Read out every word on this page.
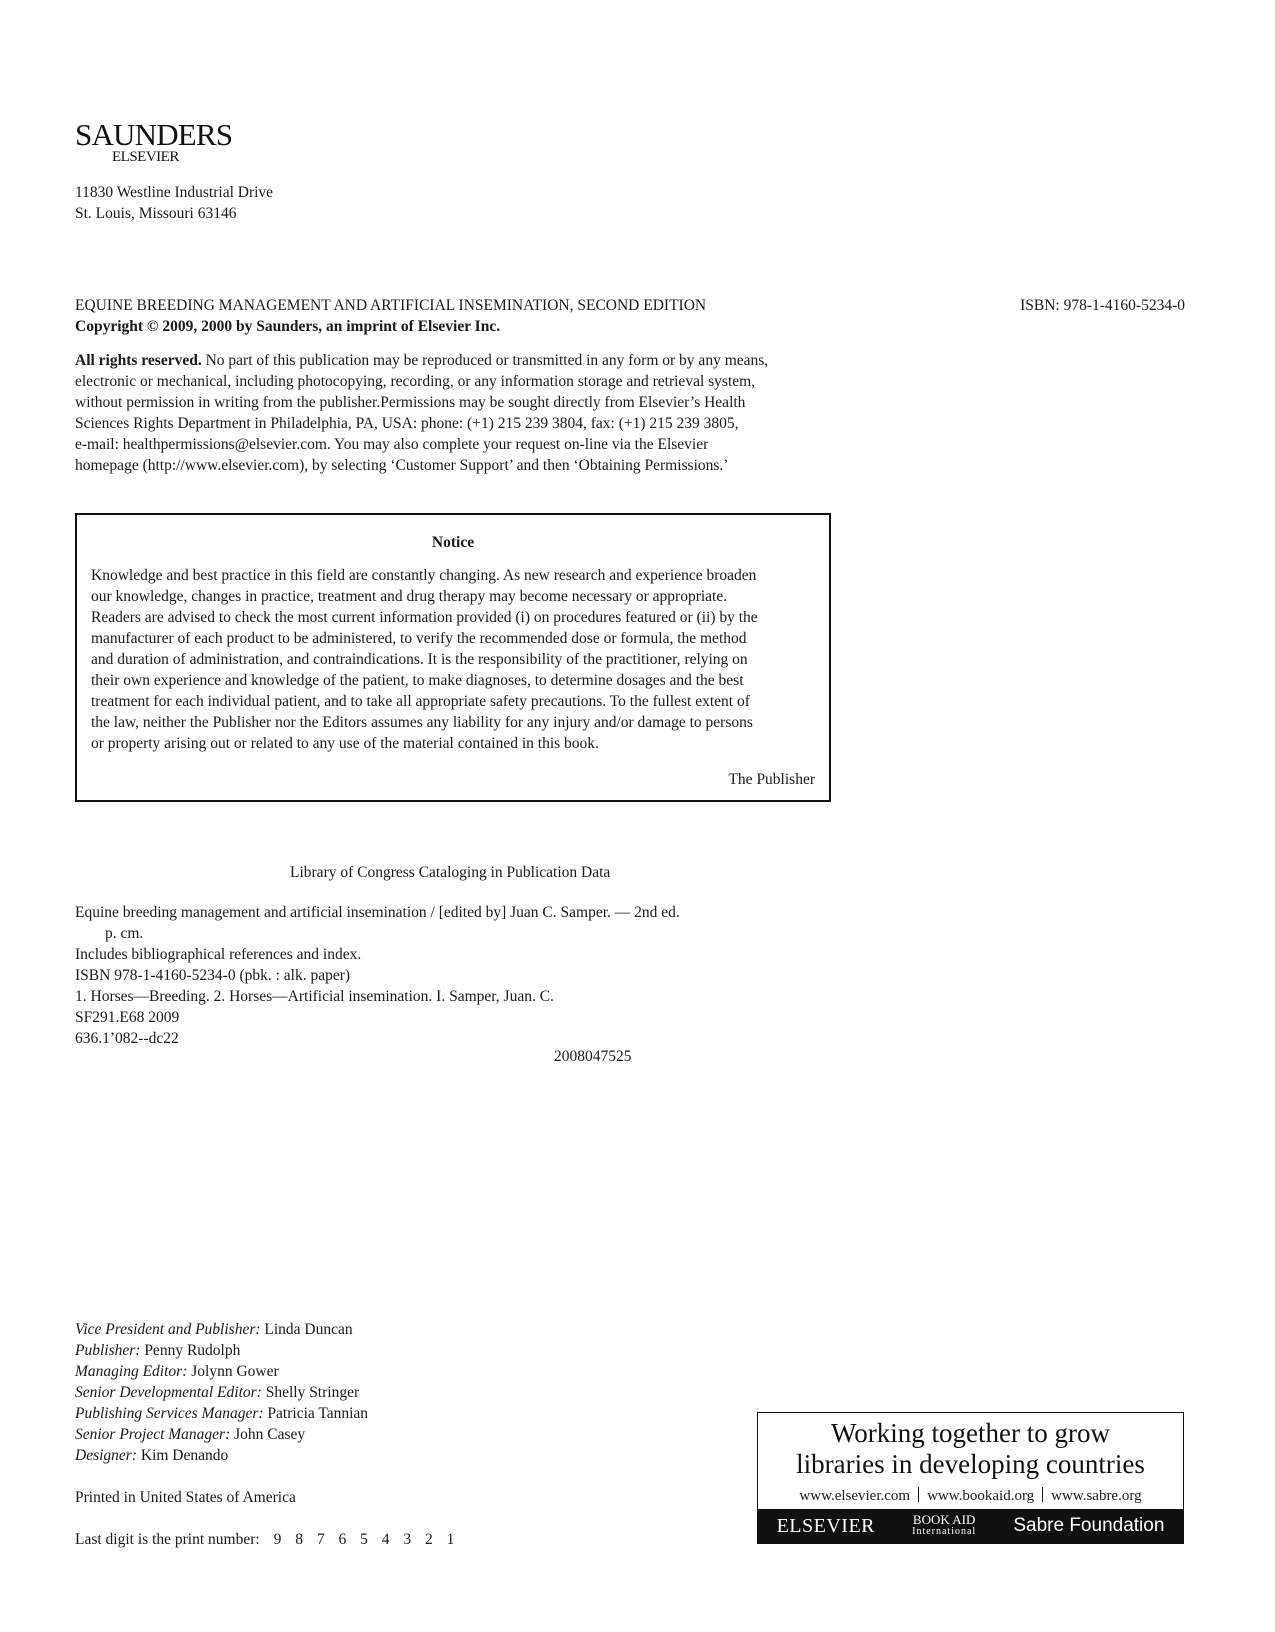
SAUNDERS
ELSEVIER
11830 Westline Industrial Drive
St. Louis, Missouri 63146
EQUINE BREEDING MANAGEMENT AND ARTIFICIAL INSEMINATION, SECOND EDITION	ISBN: 978-1-4160-5234-0
Copyright © 2009, 2000 by Saunders, an imprint of Elsevier Inc.
All rights reserved. No part of this publication may be reproduced or transmitted in any form or by any means,
electronic or mechanical, including photocopying, recording, or any information storage and retrieval system,
without permission in writing from the publisher.Permissions may be sought directly from Elsevier’s Health
Sciences Rights Department in Philadelphia, PA, USA: phone: (+1) 215 239 3804, fax: (+1) 215 239 3805,
e-mail: healthpermissions@elsevier.com. You may also complete your request on-line via the Elsevier
homepage (http://www.elsevier.com), by selecting ‘Customer Support’ and then ‘Obtaining Permissions.’
Notice
Knowledge and best practice in this field are constantly changing. As new research and experience broaden
our knowledge, changes in practice, treatment and drug therapy may become necessary or appropriate.
Readers are advised to check the most current information provided (i) on procedures featured or (ii) by the
manufacturer of each product to be administered, to verify the recommended dose or formula, the method
and duration of administration, and contraindications. It is the responsibility of the practitioner, relying on
their own experience and knowledge of the patient, to make diagnoses, to determine dosages and the best
treatment for each individual patient, and to take all appropriate safety precautions. To the fullest extent of
the law, neither the Publisher nor the Editors assumes any liability for any injury and/or damage to persons
or property arising out or related to any use of the material contained in this book.
The Publisher
Library of Congress Cataloging in Publication Data
Equine breeding management and artificial insemination / [edited by] Juan C. Samper. — 2nd ed.
p. cm.
Includes bibliographical references and index.
ISBN 978-1-4160-5234-0 (pbk. : alk. paper)
1. Horses—Breeding. 2. Horses—Artificial insemination. I. Samper, Juan. C.
SF291.E68 2009
636.1’082--dc22
2008047525
Vice President and Publisher: Linda Duncan
Publisher: Penny Rudolph
Managing Editor: Jolynn Gower
Senior Developmental Editor: Shelly Stringer
Publishing Services Manager: Patricia Tannian
Senior Project Manager: John Casey
Designer: Kim Denando
Printed in United States of America
Last digit is the print number: 9 8 7 6 5 4 3 2 1
Working together to grow
libraries in developing countries
www.elsevier.com www.bookaid.org www.sabre.org
ELSEVIER	BOOK AID
International Sabre Foundation
